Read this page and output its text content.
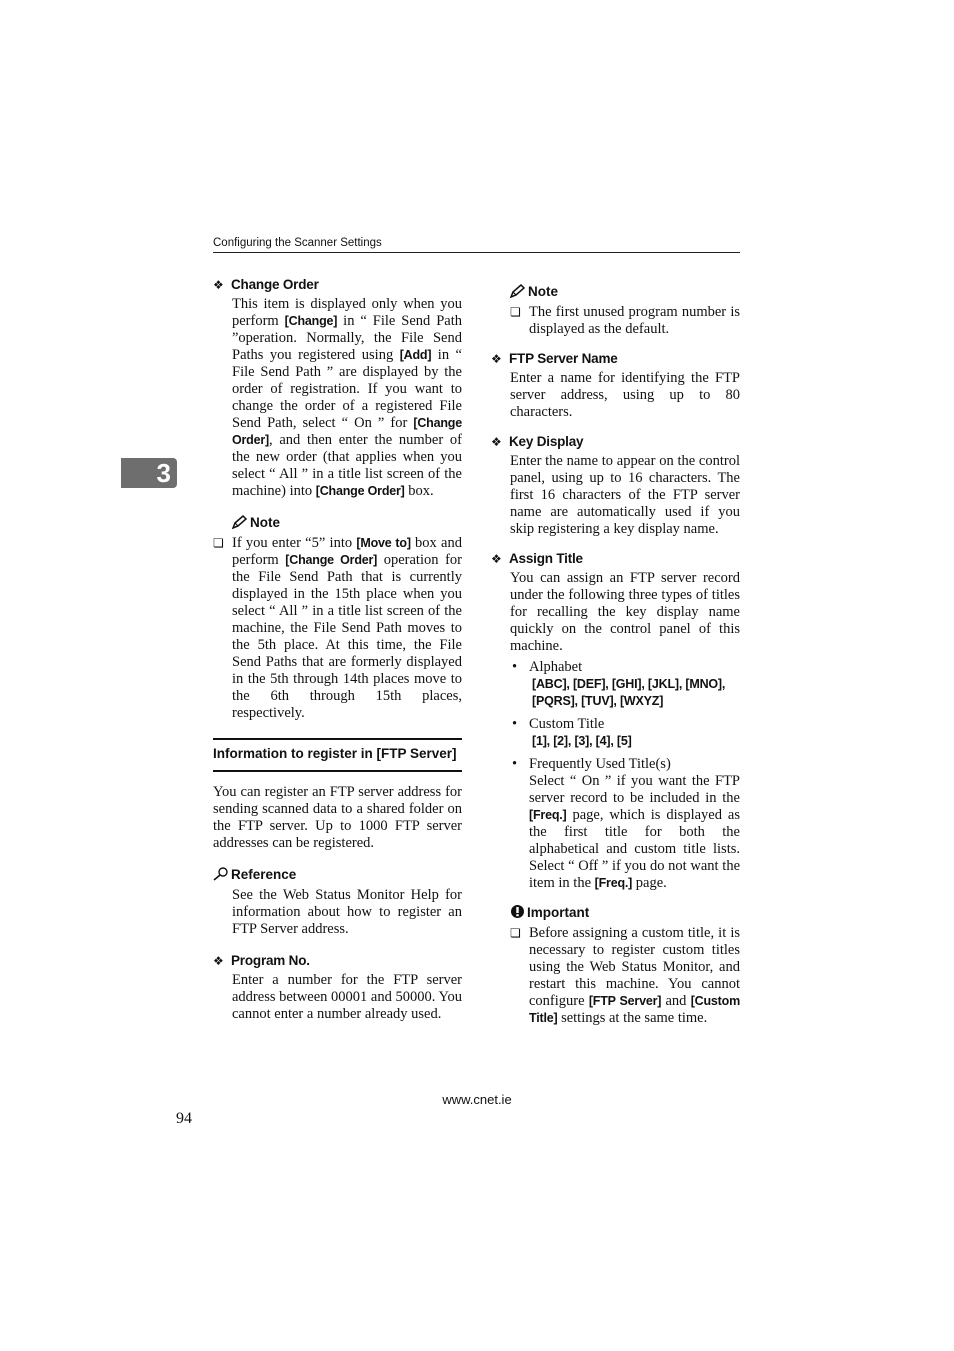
Configuring the Scanner Settings
3

❖ Change Order

This item is displayed only when you perform [Change] in “ File Send Path ”operation. Normally, the File Send Paths you registered using [Add] in “ File Send Path ” are displayed by the order of registration. If you want to change the order of a registered File Send Path, select “ On ” for [Change Order], and then enter the number of the new order (that applies when you select “ All ” in a title list screen of the machine) into [Change Order] box.

Note

❏ If you enter “5” into [Move to] box and perform [Change Order] operation for the File Send Path that is currently displayed in the 15th place when you select “ All ” in a title list screen of the machine, the File Send Path moves to the 5th place. At this time, the File Send Paths that are formerly displayed in the 5th through 14th places move to the 6th through 15th places, respectively.
Information to register in [FTP Server]

You can register an FTP server address for sending scanned data to a shared folder on the FTP server. Up to 1000 FTP server addresses can be registered.

Reference

See the Web Status Monitor Help for information about how to register an FTP Server address.

❖ Program No.

Enter a number for the FTP server address between 00001 and 50000. You cannot enter a number already used.

Note

❏ The first unused program number is displayed as the default.

❖ FTP Server Name

Enter a name for identifying the FTP server address, using up to 80 characters.

❖ Key Display

Enter the name to appear on the control panel, using up to 16 characters. The first 16 characters of the FTP server name are automatically used if you skip registering a key display name.

❖ Assign Title

You can assign an FTP server record under the following three types of titles for recalling the key display name quickly on the control panel of this machine.

• Alphabet
[ABC], [DEF], [GHI], [JKL], [MNO], [PQRS], [TUV], [WXYZ]
• Custom Title
[1], [2], [3], [4], [5]
• Frequently Used Title(s)
Select “ On ” if you want the FTP server record to be included in the [Freq.] page, which is displayed as the first title for both the alphabetical and custom title lists. Select “ Off ” if you do not want the item in the [Freq.] page.

Important

❏ Before assigning a custom title, it is necessary to register custom titles using the Web Status Monitor, and restart this machine. You cannot configure [FTP Server] and [Custom Title] settings at the same time.
www.cnet.ie
94
